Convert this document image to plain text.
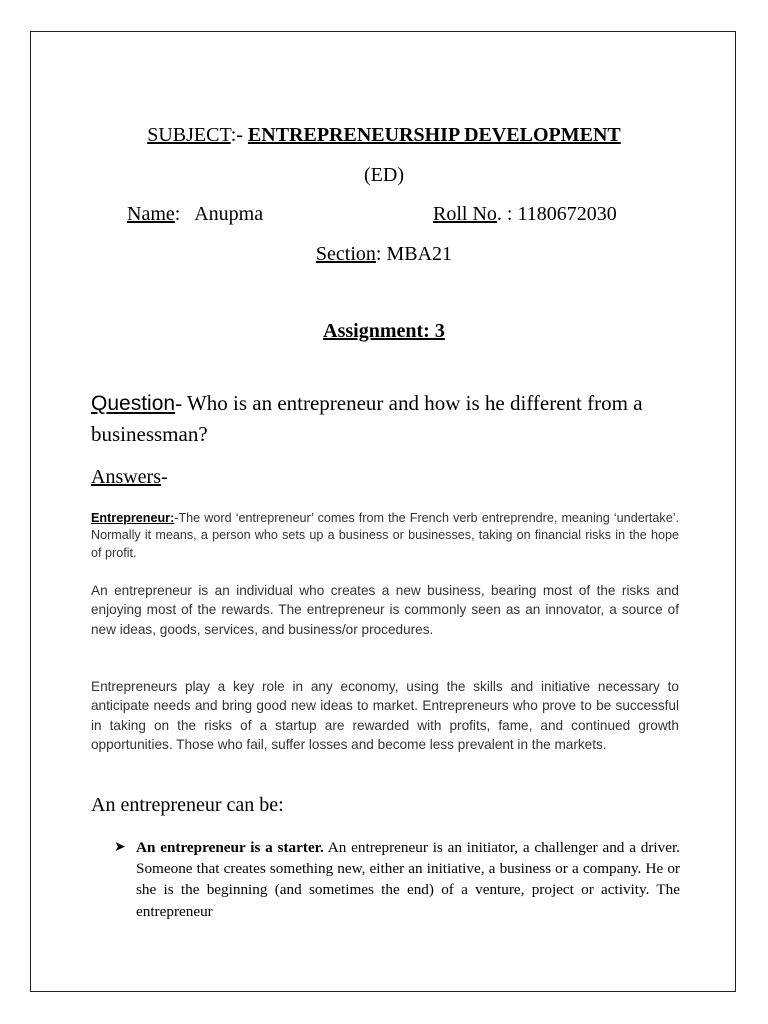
SUBJECT:- ENTREPRENEURSHIP DEVELOPMENT
(ED)
Name:   Anupma	Roll No. : 1180672030
Section: MBA21
Assignment: 3
Question- Who is an entrepreneur and how is he different from a businessman?
Answers-
Entrepreneur:-The word ‘entrepreneur’ comes from the French verb entreprendre, meaning ‘undertake’. Normally it means, a person who sets up a business or businesses, taking on financial risks in the hope of profit.
An entrepreneur is an individual who creates a new business, bearing most of the risks and enjoying most of the rewards. The entrepreneur is commonly seen as an innovator, a source of new ideas, goods, services, and business/or procedures.
Entrepreneurs play a key role in any economy, using the skills and initiative necessary to anticipate needs and bring good new ideas to market. Entrepreneurs who prove to be successful in taking on the risks of a startup are rewarded with profits, fame, and continued growth opportunities. Those who fail, suffer losses and become less prevalent in the markets.
An entrepreneur can be:
➤ An entrepreneur is a starter. An entrepreneur is an initiator, a challenger and a driver. Someone that creates something new, either an initiative, a business or a company. He or she is the beginning (and sometimes the end) of a venture, project or activity. The entrepreneur
